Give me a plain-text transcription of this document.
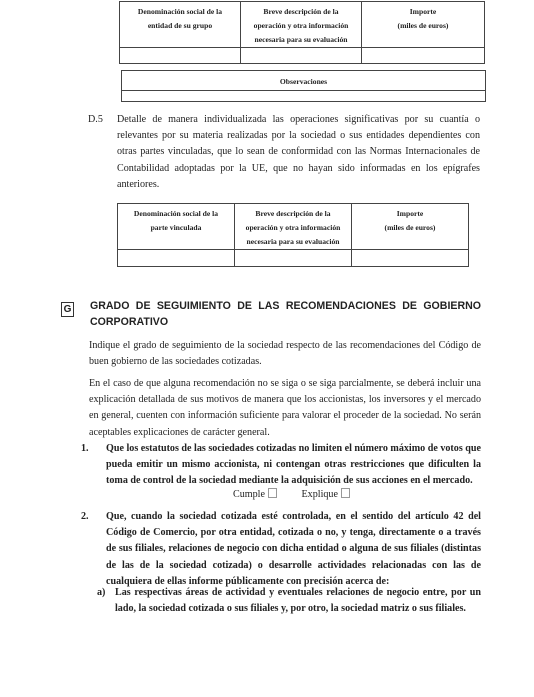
Denominación social de la
entidad de su grupo	Breve descripción de la
operación y otra información
necesaria para su evaluación	Importe
(miles de euros)

Observaciones
D.5 Detalle de manera individualizada las operaciones significativas por su cuantía o relevantes por su materia realizadas por la sociedad o sus entidades dependientes con otras partes vinculadas, que lo sean de conformidad con las Normas Internacionales de Contabilidad adoptadas por la UE, que no hayan sido informadas en los epígrafes anteriores.
Denominación social de la
parte vinculada	Breve descripción de la
operación y otra información
necesaria para su evaluación	Importe
(miles de euros)

G GRADO DE SEGUIMIENTO DE LAS RECOMENDACIONES DE GOBIERNO CORPORATIVO
Indique el grado de seguimiento de la sociedad respecto de las recomendaciones del Código de buen gobierno de las sociedades cotizadas.
En el caso de que alguna recomendación no se siga o se siga parcialmente, se deberá incluir una explicación detallada de sus motivos de manera que los accionistas, los inversores y el mercado en general, cuenten con información suficiente para valorar el proceder de la sociedad. No serán aceptables explicaciones de carácter general.
1. Que los estatutos de las sociedades cotizadas no limiten el número máximo de votos que pueda emitir un mismo accionista, ni contengan otras restricciones que dificulten la toma de control de la sociedad mediante la adquisición de sus acciones en el mercado.
Cumple	Explique
2. Que, cuando la sociedad cotizada esté controlada, en el sentido del artículo 42 del Código de Comercio, por otra entidad, cotizada o no, y tenga, directamente o a través de sus filiales, relaciones de negocio con dicha entidad o alguna de sus filiales (distintas de las de la sociedad cotizada) o desarrolle actividades relacionadas con las de cualquiera de ellas informe públicamente con precisión acerca de:
a) Las respectivas áreas de actividad y eventuales relaciones de negocio entre, por un lado, la sociedad cotizada o sus filiales y, por otro, la sociedad matriz o sus filiales.
